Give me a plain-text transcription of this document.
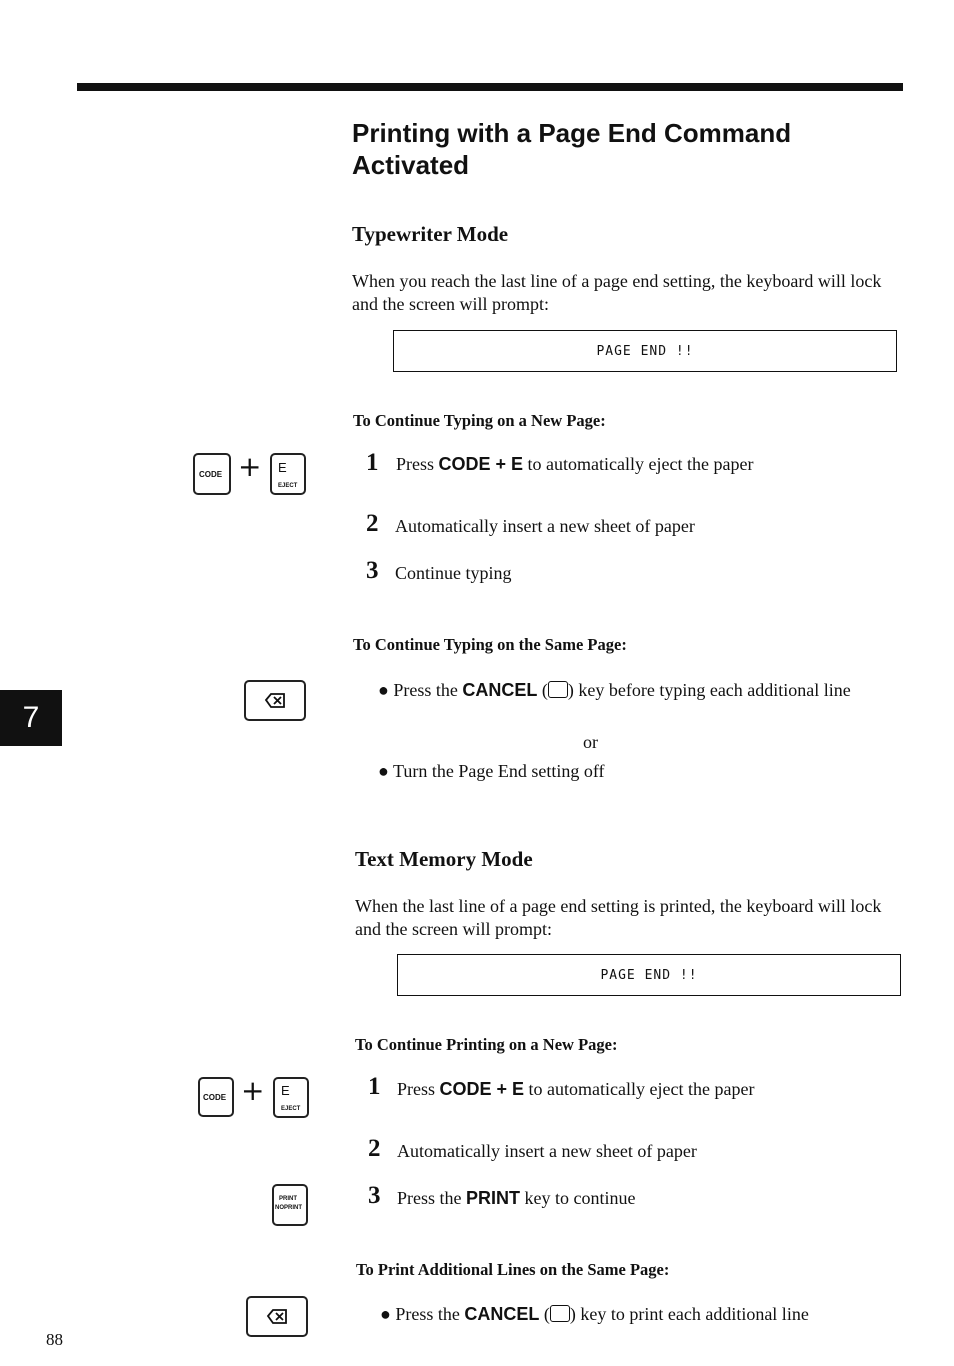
Printing with a Page End Command Activated
Typewriter Mode
When you reach the last line of a page end setting, the keyboard will lock and the screen will prompt:
PAGE END !!
To Continue Typing on a New Page:
CODE + E
EJECT
1 Press CODE + E to automatically eject the paper
2 Automatically insert a new sheet of paper
3 Continue typing
To Continue Typing on the Same Page:
● Press the CANCEL ( ) key before typing each additional line
or
● Turn the Page End setting off
7
Text Memory Mode
When the last line of a page end setting is printed, the keyboard will lock and the screen will prompt:
PAGE END !!
To Continue Printing on a New Page:
CODE + E
EJECT
1 Press CODE + E to automatically eject the paper
2 Automatically insert a new sheet of paper
PRINT
NOPRINT	3 Press the PRINT key to continue
To Print Additional Lines on the Same Page:
● Press the CANCEL ( ) key to print each additional line
88
